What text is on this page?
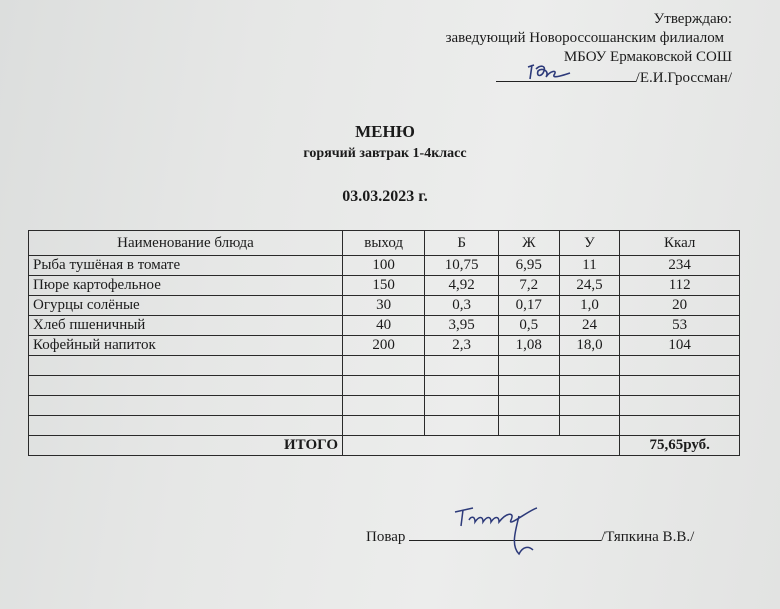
Утверждаю:
заведующий Новороссошанским филиалом
МБОУ Ермаковской СОШ
/Е.И.Гроссман/
МЕНЮ
горячий завтрак 1-4класс
03.03.2023 г.
Наименование блюда	выход	Б	Ж	У	Ккал
Рыба тушёная в томате	100	10,75	6,95	11	234
Пюре картофельное	150	4,92	7,2	24,5	112
Огурцы солёные	30	0,3	0,17	1,0	20
Хлеб пшеничный	40	3,95	0,5	24	53
Кофейный напиток	200	2,3	1,08	18,0	104

ИТОГО					75,65руб.
Повар	/Тяпкина В.В./
